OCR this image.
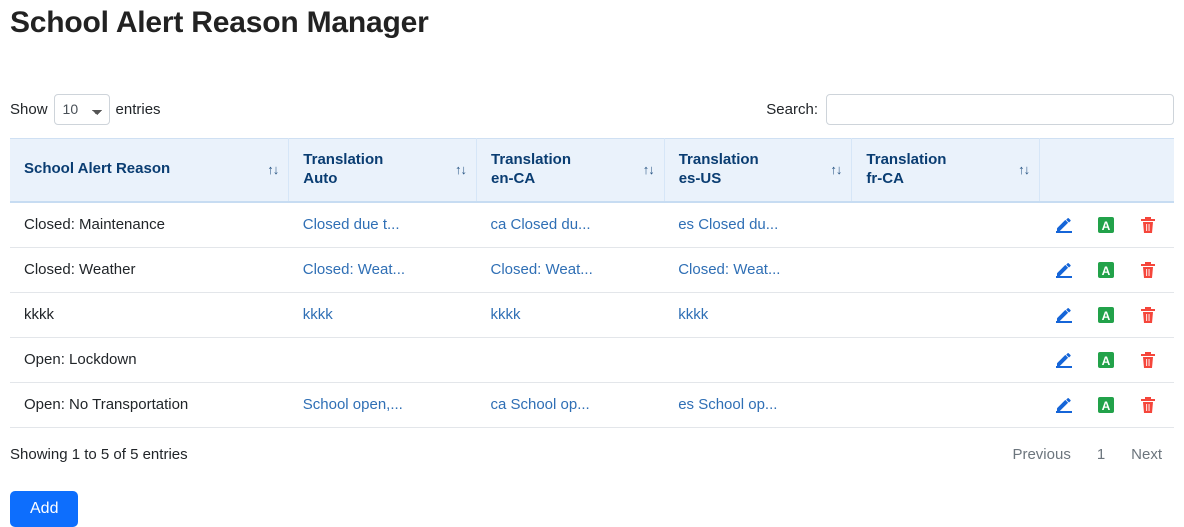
School Alert Reason Manager
Show
10	entries	Search:
School Alert Reason ↑↓	Translation
Auto
↑↓	Translation
en-CA
↑↓	Translation
es-US
↑↓	Translation
fr-CA
↑↓	

Closed: Maintenance	Closed due t...	ca Closed du...	es Closed du...		A

Closed: Weather	Closed: Weat...	Closed: Weat...	Closed: Weat...		A

kkkk	kkkk	kkkk	kkkk		A

Open: Lockdown					A

Open: No Transportation	School open,...	ca School op...	es School op...		A

Showing 1 to 5 of 5 entries	Previous	1	Next
Add
